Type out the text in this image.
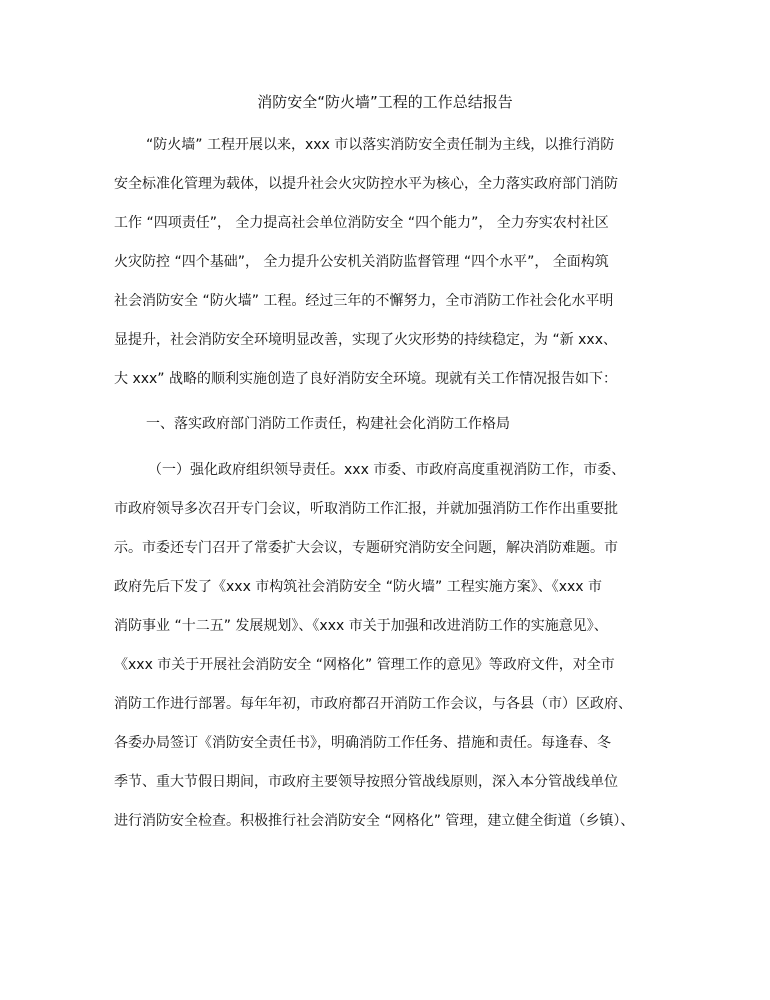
消防安全“防火墙”工程的工作总结报告
“防火墙” 工程开展以来，xxx 市以落实消防安全责任制为主线，以推行消防
安全标准化管理为载体，以提升社会火灾防控水平为核心，全力落实政府部门消防
工作 “四项责任”， 全力提高社会单位消防安全 “四个能力”， 全力夯实农村社区
火灾防控 “四个基础”， 全力提升公安机关消防监督管理 “四个水平”， 全面构筑
社会消防安全 “防火墙” 工程。经过三年的不懈努力，全市消防工作社会化水平明
显提升，社会消防安全环境明显改善，实现了火灾形势的持续稳定，为 “新 xxx、
大 xxx” 战略的顺利实施创造了良好消防安全环境。现就有关工作情况报告如下：
一、落实政府部门消防工作责任，构建社会化消防工作格局
（一）强化政府组织领导责任。xxx 市委、市政府高度重视消防工作，市委、
市政府领导多次召开专门会议，听取消防工作汇报，并就加强消防工作作出重要批
示。市委还专门召开了常委扩大会议，专题研究消防安全问题，解决消防难题。市
政府先后下发了《xxx 市构筑社会消防安全 “防火墙” 工程实施方案》、《xxx 市
消防事业 “十二五” 发展规划》、《xxx 市关于加强和改进消防工作的实施意见》、
《xxx 市关于开展社会消防安全 “网格化” 管理工作的意见》等政府文件，对全市
消防工作进行部署。每年年初，市政府都召开消防工作会议，与各县（市）区政府、
各委办局签订《消防安全责任书》，明确消防工作任务、措施和责任。每逢春、冬
季节、重大节假日期间，市政府主要领导按照分管战线原则，深入本分管战线单位
进行消防安全检查。积极推行社会消防安全 “网格化” 管理，建立健全街道（乡镇）、
